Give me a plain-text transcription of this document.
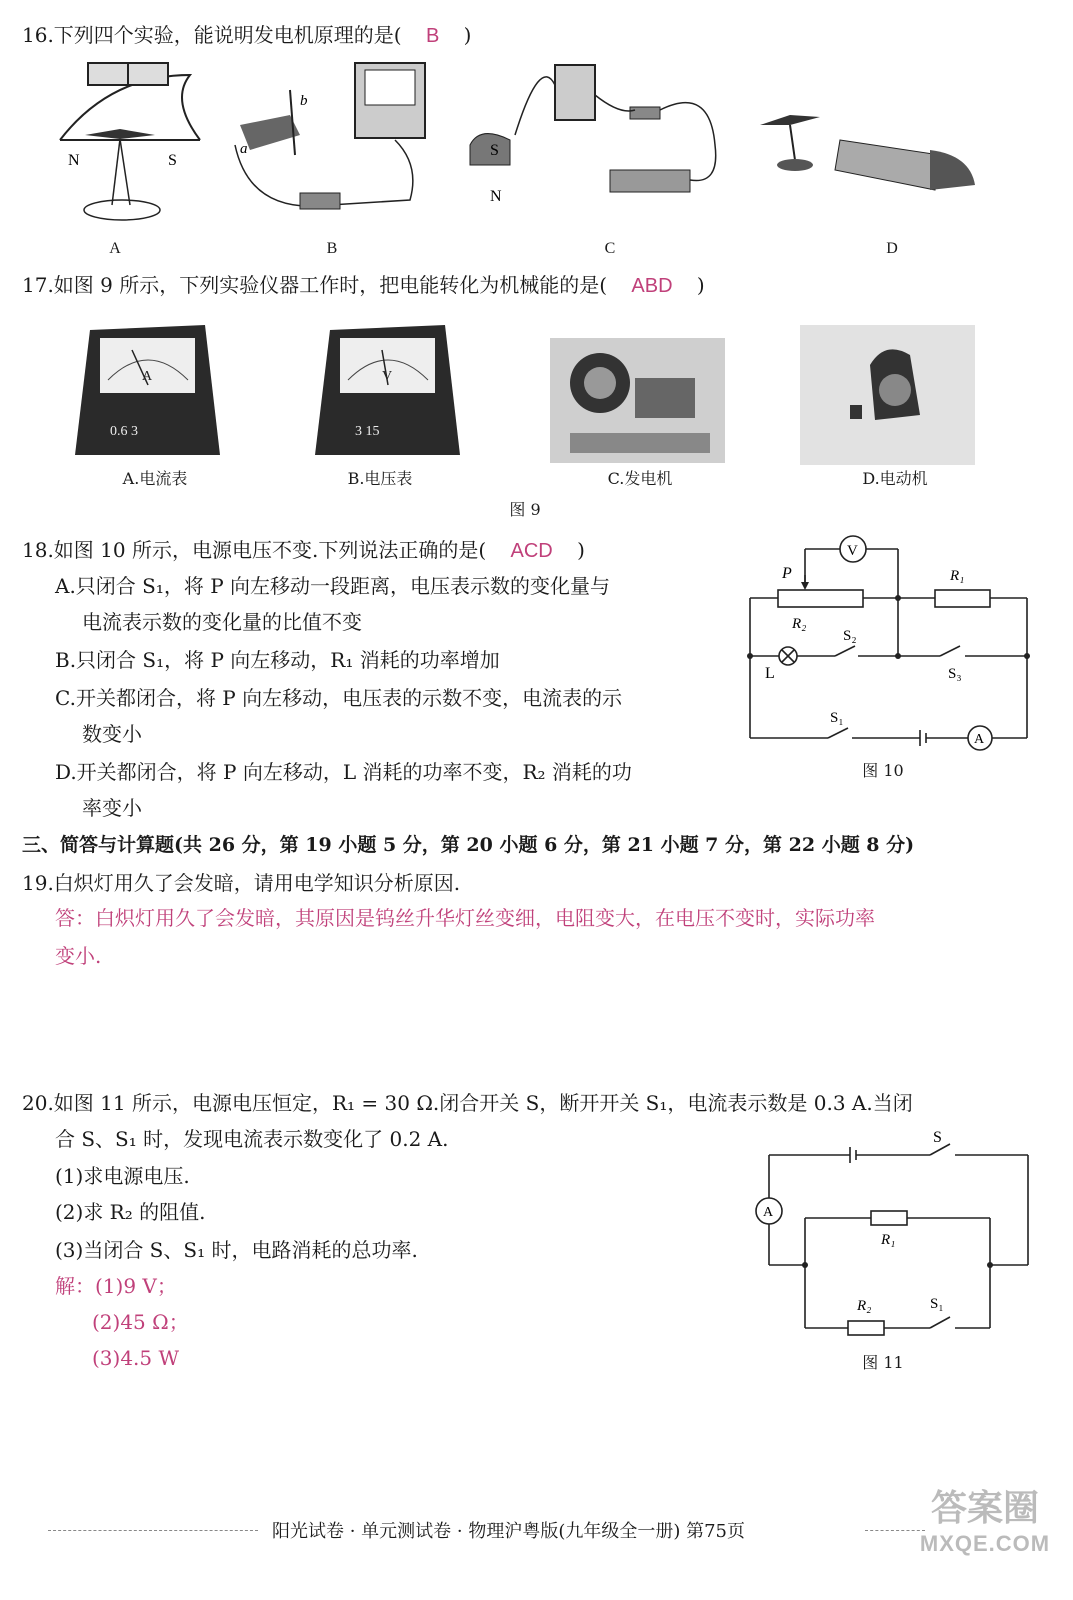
16.下列四个实验，能说明发电机原理的是( B )
N	S
b
a	S
N
A	B	C	D
17.如图 9 所示，下列实验仪器工作时，把电能转化为机械能的是( ABD )
A
0.6 3
V
3 15
A.电流表	B.电压表	C.发电机	D.电动机
图 9
18.如图 10 所示，电源电压不变.下列说法正确的是( ACD )
A.只闭合 S₁，将 P 向左移动一段距离，电压表示数的变化量与
电流表示数的变化量的比值不变
B.只闭合 S₁，将 P 向左移动，R₁ 消耗的功率增加
C.开关都闭合，将 P 向左移动，电压表的示数不变，电流表的示
数变小
D.开关都闭合，将 P 向左移动，L 消耗的功率不变，R₂ 消耗的功
率变小
V
P	R₁
R₂
S₂
S₃
L
S₁
A
图 10
三、简答与计算题(共 26 分，第 19 小题 5 分，第 20 小题 6 分，第 21 小题 7 分，第 22 小题 8 分)
19.白炽灯用久了会发暗，请用电学知识分析原因.
答：白炽灯用久了会发暗，其原因是钨丝升华灯丝变细，电阻变大，在电压不变时，实际功率
变小.
20.如图 11 所示，电源电压恒定，R₁ = 30 Ω.闭合开关 S，断开开关 S₁，电流表示数是 0.3 A.当闭
合 S、S₁ 时，发现电流表示数变化了 0.2 A.
(1)求电源电压.
(2)求 R₂ 的阻值.
(3)当闭合 S、S₁ 时，电路消耗的总功率.
解：(1)9 V；
(2)45 Ω；
(3)4.5 W
S
A
R₁
R₂	S₁
图 11
阳光试卷 · 单元测试卷 · 物理沪粤版(九年级全一册) 第75页
答案圈
MXQE.COM
